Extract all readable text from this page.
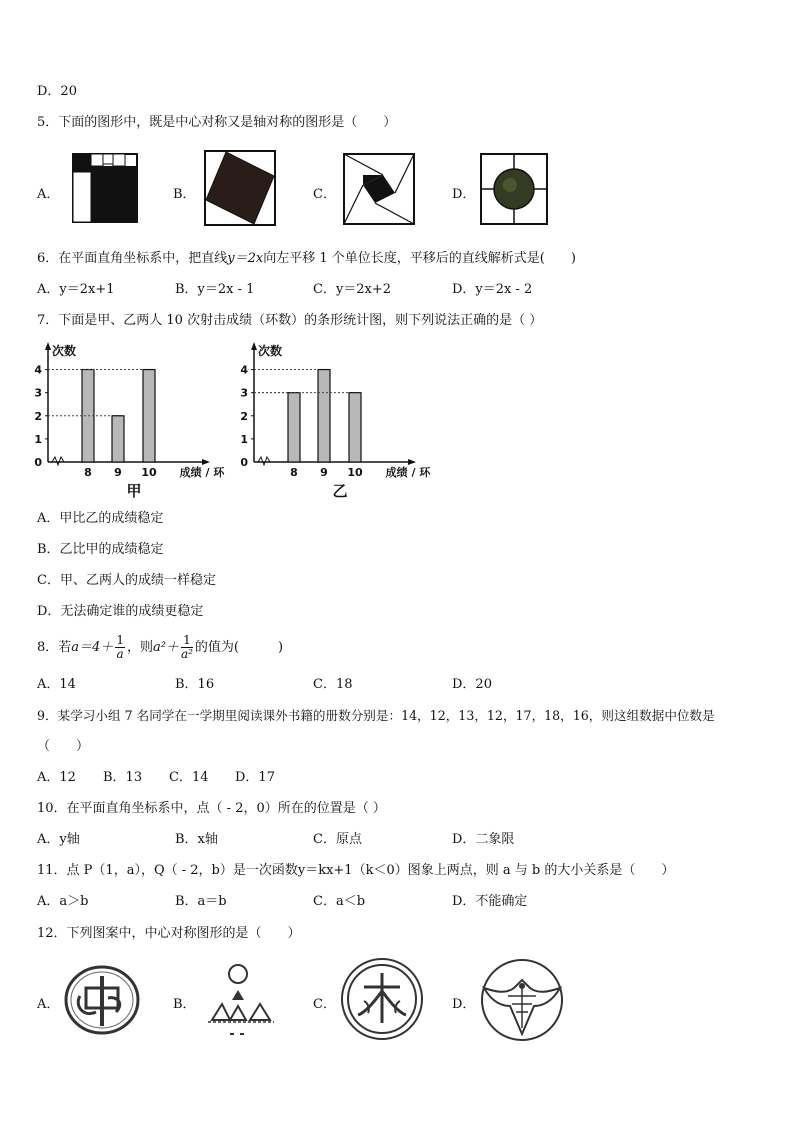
D．20
5．下面的图形中，既是中心对称又是轴对称的图形是（　　）
A．	B．	C．	D．
6．在平面直角坐标系中，把直线y＝2x向左平移 1 个单位长度，平移后的直线解析式是(　　)
A．y＝2x+1	B．y＝2x - 1	C．y＝2x+2	D．y＝2x - 2
7．下面是甲、乙两人 10 次射击成绩（环数）的条形统计图，则下列说法正确的是（ ）
次数
0
1
2
3
4
8 9 10 成绩 / 环
甲
次数
0
1
2
3
4
8 9 10 成绩 / 环
乙
A．甲比乙的成绩稳定
B．乙比甲的成绩稳定
C．甲、乙两人的成绩一样稳定
D．无法确定谁的成绩更稳定
8．若$a=4+ \frac{1}{a}$ ，则$a^2+ \frac{1}{\text{a²}}$ 的值为(　　　)
A．14	B．16	C．18	D．20
9．某学习小组 7 名同学在一学期里阅读课外书籍的册数分别是：14，12，13，12，17，18，16，则这组数据中位数是
（　　）
A．12 B．13 C．14 D．17
10．在平面直角坐标系中，点（ - 2，0）所在的位置是（ ）
A．y轴	B．x轴	C．原点	D．二象限
11．点 P（1，a），Q（ - 2，b）是一次函数y＝kx+1（k＜0）图象上两点，则 a 与 b 的大小关系是（　　）
A．a＞b	B．a＝b	C．a＜b	D．不能确定
12．下列图案中，中心对称图形的是（　　）
A．	B．	C．	D．
